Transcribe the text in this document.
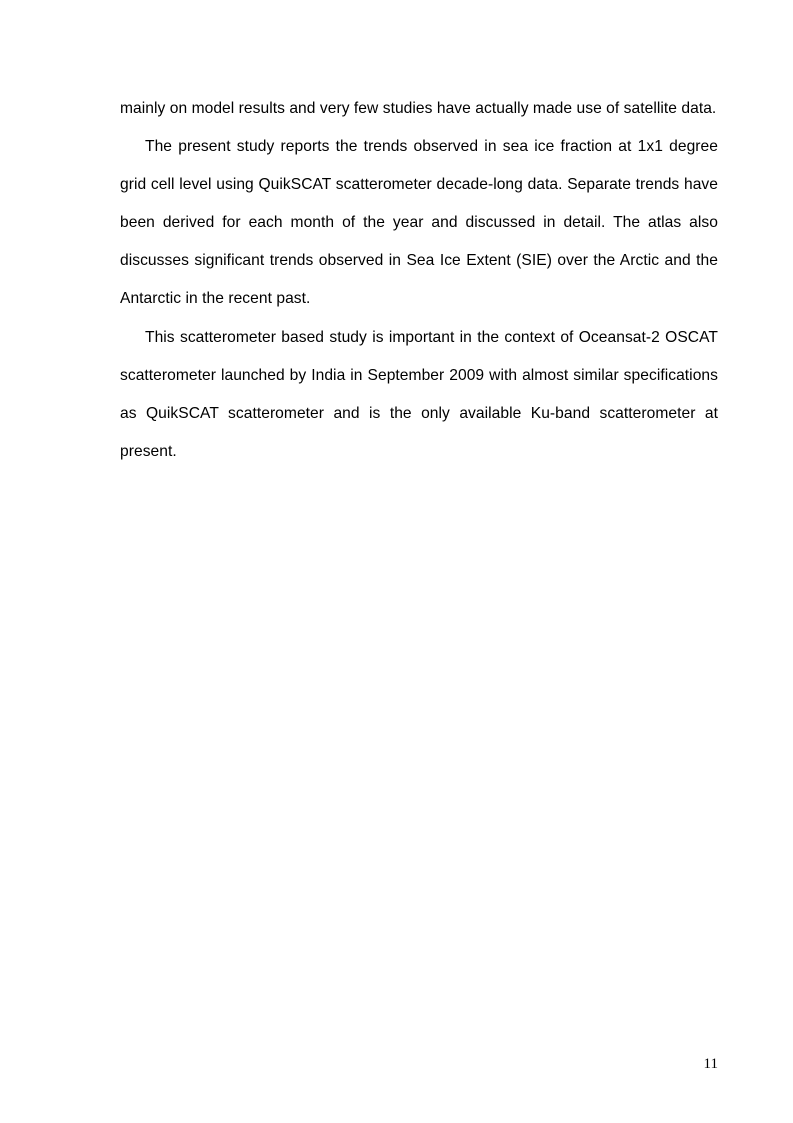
mainly on model results and very few studies have actually made use of satellite data.

The present study reports the trends observed in sea ice fraction at 1x1 degree grid cell level using QuikSCAT scatterometer decade-long data. Separate trends have been derived for each month of the year and discussed in detail. The atlas also discusses significant trends observed in Sea Ice Extent (SIE) over the Arctic and the Antarctic in the recent past.

This scatterometer based study is important in the context of Oceansat-2 OSCAT scatterometer launched by India in September 2009 with almost similar specifications as QuikSCAT scatterometer and is the only available Ku-band scatterometer at present.

11
